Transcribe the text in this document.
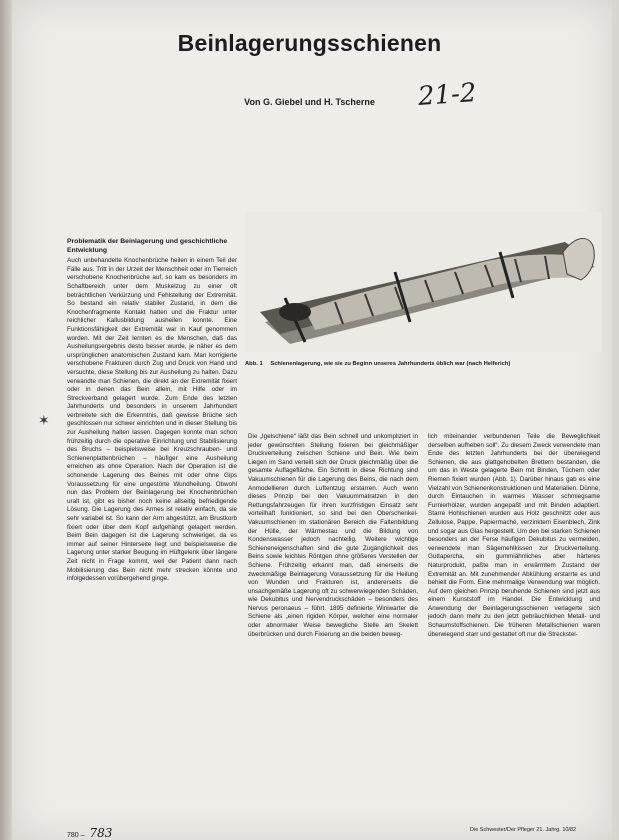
Beinlagerungsschienen
Von G. Giebel und H. Tscherne	21-2
✶
Problematik der Beinlagerung und geschichtliche Entwicklung

Auch unbehandelte Knochenbrüche heilen in einem Teil der Fälle aus. Tritt in der Urzeit der Menschheit oder im Tierreich verschobene Knochenbrüche auf, so kam es besonders im Schaftbereich unter dem Muskelzug zu einer oft beträchtlichen Verkürzung und Fehlstellung der Extremität. So bestand ein relativ stabiler Zustand, in dem die Knochenfragmente Kontakt hatten und die Fraktur unter reichlicher Kallusbildung ausheilen konnte. Eine Funktionsfähigkeit der Extremität war in Kauf genommen worden. Mit der Zeit lernten es die Menschen, daß das Ausheilungsergebnis desto besser wurde, je näher es dem ursprünglichen anatomischen Zustand kam. Man korrigierte verschobene Frakturen durch Zug und Druck von Hand und versuchte, diese Stellung bis zur Ausheilung zu halten. Dazu verwandte man Schienen, die direkt an der Extremität fixiert oder in denen das Bein allein, mit Hilfe oder im Streckverband gelagert wurde. Zum Ende des letzten Jahrhunderts und besonders in unserem Jahrhundert verbreitete sich die Erkenntnis, daß gewisse Brüche sich geschlossen nur schwer einrichten und in dieser Stellung bis zur Ausheilung halten lassen. Dagegen konnte man schon frühzeitig durch die operative Einrichtung und Stabilisierung des Bruchs – beispielsweise bei Kreuzschrauben- und Schienenplattenbrüchen – häufiger eine Ausheilung erreichen als ohne Operation. Nach der Operation ist die schonende Lagerung des Beines mit oder ohne Gips Voraussetzung für eine ungestörte Wundheilung. Obwohl nun das Problem der Beinlagerung bei Knochenbrüchen uralt ist, gibt es bisher noch keine allseitig befriedigende Lösung. Die Lagerung des Armes ist relativ einfach, da sie sehr variabel ist. So kann der Arm abgestützt, am Brustkorb fixiert oder über dem Kopf aufgehängt gelagert werden. Beim Bein dagegen ist die Lagerung schwieriger, da es immer auf seiner Hinterseite liegt und beispielsweise die Lagerung unter starker Beugung im Hüftgelenk über längere Zeit nicht in Frage kommt, weil der Patient dann nach Mobilisierung das Bein nicht mehr strecken könnte und infolgedessen vorübergehend ginge.

Abb. 1 Schienenlagerung, wie sie zu Beginn unseres Jahrhunderts üblich war (nach Helferich)

Die „Igelschiene“ läßt das Bein schnell und unkompliziert in jeder gewünschten Stellung fixieren bei gleichmäßiger Druckverteilung zwischen Schiene und Bein. Wie beim Liegen im Sand verteilt sich der Druck gleichmäßig über die gesamte Auflagefläche. Ein Schnitt in diese Richtung sind Vakuumschienen für die Lagerung des Beins, die nach dem Anmodellieren durch Luftentzug erstarren. Auch wenn dieses Prinzip bei den Vakuummatratzen in den Rettungsfahrzeugen für ihren kurzfristigen Einsatz sehr vorteilhaft funktioniert, so sind bei den Oberschenkel-Vakuumschienen im stationären Bereich die Faltenbildung der Hülle, der Wärmestau und die Bildung von Kondenswasser jedoch nachteilig. Weitere wichtige Schieneneigenschaften sind die gute Zugänglichkeit des Beins sowie leichtes Röntgen ohne größeres Verstellen der Schiene. Frühzeitig erkannt man, daß einerseits die zweckmäßige Beinlagerung Voraussetzung für die Heilung von Wunden und Frakturen ist, andererseits die unsachgemäße Lagerung oft zu schwerwiegenden Schäden, wie Dekubitus und Nervendruckschäden – besonders des Nervus peronaeus – führt. 1895 definierte Winiwarter die Schiene als „einen rigiden Körper, welcher eine normaler oder abnormaler Weise bewegliche Stelle am Skelett überbrücken und durch Fixierung an die beiden beweg-

lich miteinander verbundenen Teile die Beweglichkeit derselben aufheben soll“. Zu diesem Zweck verwendete man Ende des letzten Jahrhunderts bei der überwiegend Schienen, die aus glattgehobelten Brettern bestanden, die um das in Weste gelagerte Bein mit Binden, Tüchern oder Riemen fixiert wurden (Abb. 1). Darüber hinaus gab es eine Vielzahl von Schienenkonstruktionen und Materialien. Dünne, durch Eintauchen in warmes Wasser schmiegsame Furnierhölzer, wurden angepaßt und mit Binden adaptiert. Starre Hohlschienen wurden aus Holz geschnitzt oder aus Zellulose, Pappe, Papiermaché, verzinktem Eisenblech, Zink und sogar aus Glas hergestellt. Um den bei starken Schienen besonders an der Ferse häufigen Dekubitus zu vermeiden, verwendete man Sägemehlkissen zur Druckverteilung. Guttapercha, ein gummiähnliches aber härteres Naturprodukt, paßte man in erwärmtem Zustand der Extremität an. Mit zunehmender Abkühlung erstarrte es und behielt die Form. Eine mehrmalige Verwendung war möglich. Auf dem gleichen Prinzip beruhende Schienen sind jetzt aus einem Kunststoff im Handel. Die Entwicklung und Anwendung der Beinlagerungsschienen verlagerte sich jedoch dann mehr zu den jetzt gebräuchlichen Metall- und Schaumstoffschienen. Die früheren Metallschienen waren überwiegend starr und gestattet oft nur die Streckstel-

780 – 783	Die Schwester/Der Pfleger 21. Jahrg. 10/82
